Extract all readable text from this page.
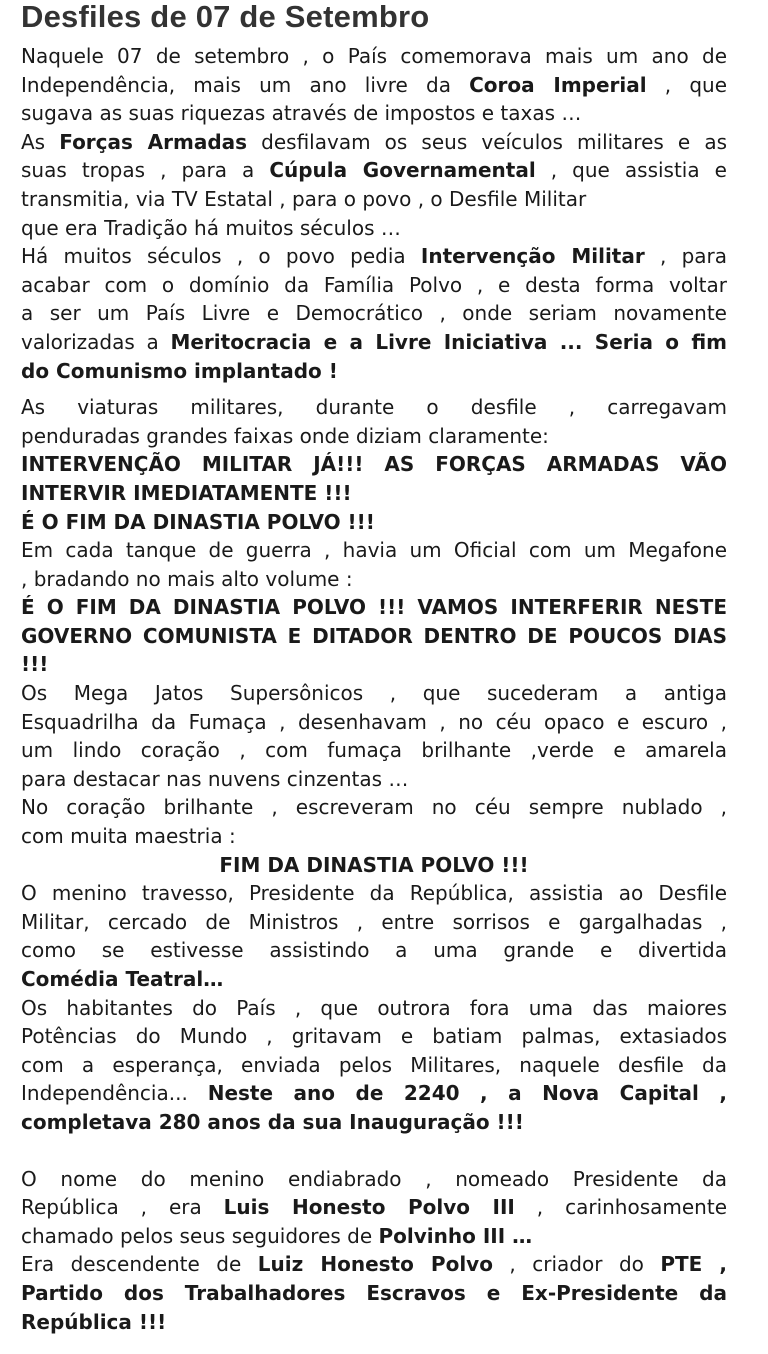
Desfiles de 07 de Setembro

Naquele 07 de setembro , o País comemorava mais um ano de
Independência, mais um ano livre da Coroa Imperial , que
sugava as suas riquezas através de impostos e taxas …
As Forças Armadas desfilavam os seus veículos militares e as
suas tropas , para a Cúpula Governamental , que assistia e
transmitia, via TV Estatal , para o povo , o Desfile Militar
que era Tradição há muitos séculos …
Há muitos séculos , o povo pedia Intervenção Militar , para
acabar com o domínio da Família Polvo , e desta forma voltar
a ser um País Livre e Democrático , onde seriam novamente
valorizadas a Meritocracia e a Livre Iniciativa ... Seria o fim
do Comunismo implantado !

As viaturas militares, durante o desfile , carregavam
penduradas grandes faixas onde diziam claramente:
INTERVENÇÃO MILITAR JÁ!!! AS FORÇAS ARMADAS VÃO
INTERVIR IMEDIATAMENTE !!!
É O FIM DA DINASTIA POLVO !!!
Em cada tanque de guerra , havia um Oficial com um Megafone
, bradando no mais alto volume :
É O FIM DA DINASTIA POLVO !!! VAMOS INTERFERIR NESTE
GOVERNO COMUNISTA E DITADOR DENTRO DE POUCOS DIAS
!!!
Os Mega Jatos Supersônicos , que sucederam a antiga
Esquadrilha da Fumaça , desenhavam , no céu opaco e escuro ,
um lindo coração , com fumaça brilhante ,verde e amarela
para destacar nas nuvens cinzentas …
No coração brilhante , escreveram no céu sempre nublado ,
com muita maestria :
FIM DA DINASTIA POLVO !!!
O menino travesso, Presidente da República, assistia ao Desfile
Militar, cercado de Ministros , entre sorrisos e gargalhadas ,
como se estivesse assistindo a uma grande e divertida
Comédia Teatral…
Os habitantes do País , que outrora fora uma das maiores
Potências do Mundo , gritavam e batiam palmas, extasiados
com a esperança, enviada pelos Militares, naquele desfile da
Independência... Neste ano de 2240 , a Nova Capital ,
completava 280 anos da sua Inauguração !!!

O nome do menino endiabrado , nomeado Presidente da
República , era Luis Honesto Polvo III , carinhosamente
chamado pelos seus seguidores de Polvinho III …
Era descendente de Luiz Honesto Polvo , criador do PTE ,
Partido dos Trabalhadores Escravos e Ex-Presidente da
República !!!
